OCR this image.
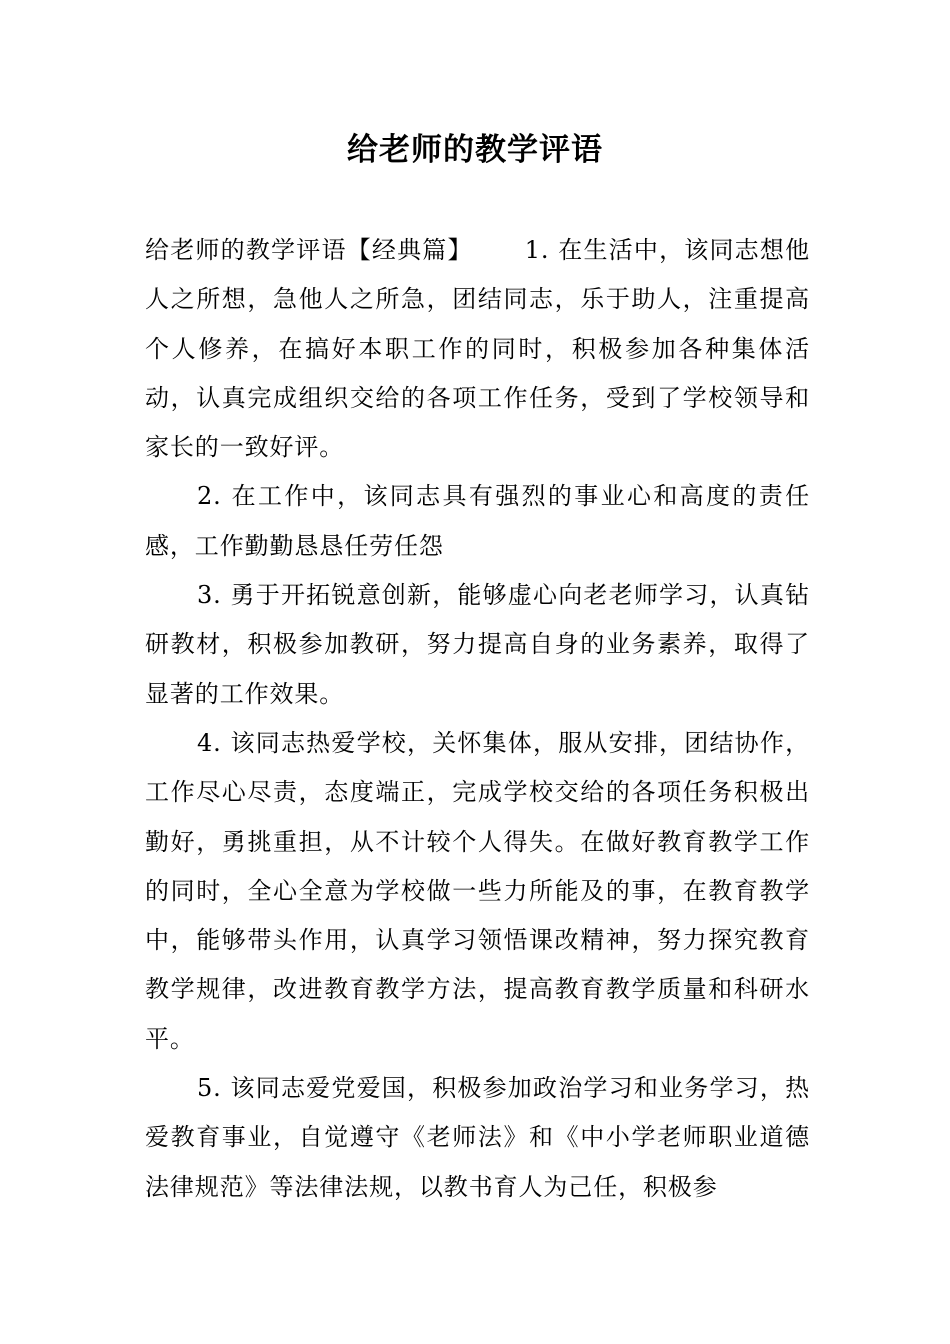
给老师的教学评语

给老师的教学评语【经典篇】 1. 在生活中，该同志想他人之所想，急他人之所急，团结同志，乐于助人，注重提高个人修养，在搞好本职工作的同时，积极参加各种集体活动，认真完成组织交给的各项工作任务，受到了学校领导和家长的一致好评。

2. 在工作中，该同志具有强烈的事业心和高度的责任感，工作勤勤恳恳任劳任怨

3. 勇于开拓锐意创新，能够虚心向老老师学习，认真钻研教材，积极参加教研，努力提高自身的业务素养，取得了显著的工作效果。

4. 该同志热爱学校，关怀集体，服从安排，团结协作，工作尽心尽责，态度端正，完成学校交给的各项任务积极出勤好，勇挑重担，从不计较个人得失。在做好教育教学工作的同时，全心全意为学校做一些力所能及的事，在教育教学中，能够带头作用，认真学习领悟课改精神，努力探究教育教学规律，改进教育教学方法，提高教育教学质量和科研水平。

5. 该同志爱党爱国，积极参加政治学习和业务学习，热爱教育事业，自觉遵守《老师法》和《中小学老师职业道德法律规范》等法律法规，以教书育人为己任，积极参
